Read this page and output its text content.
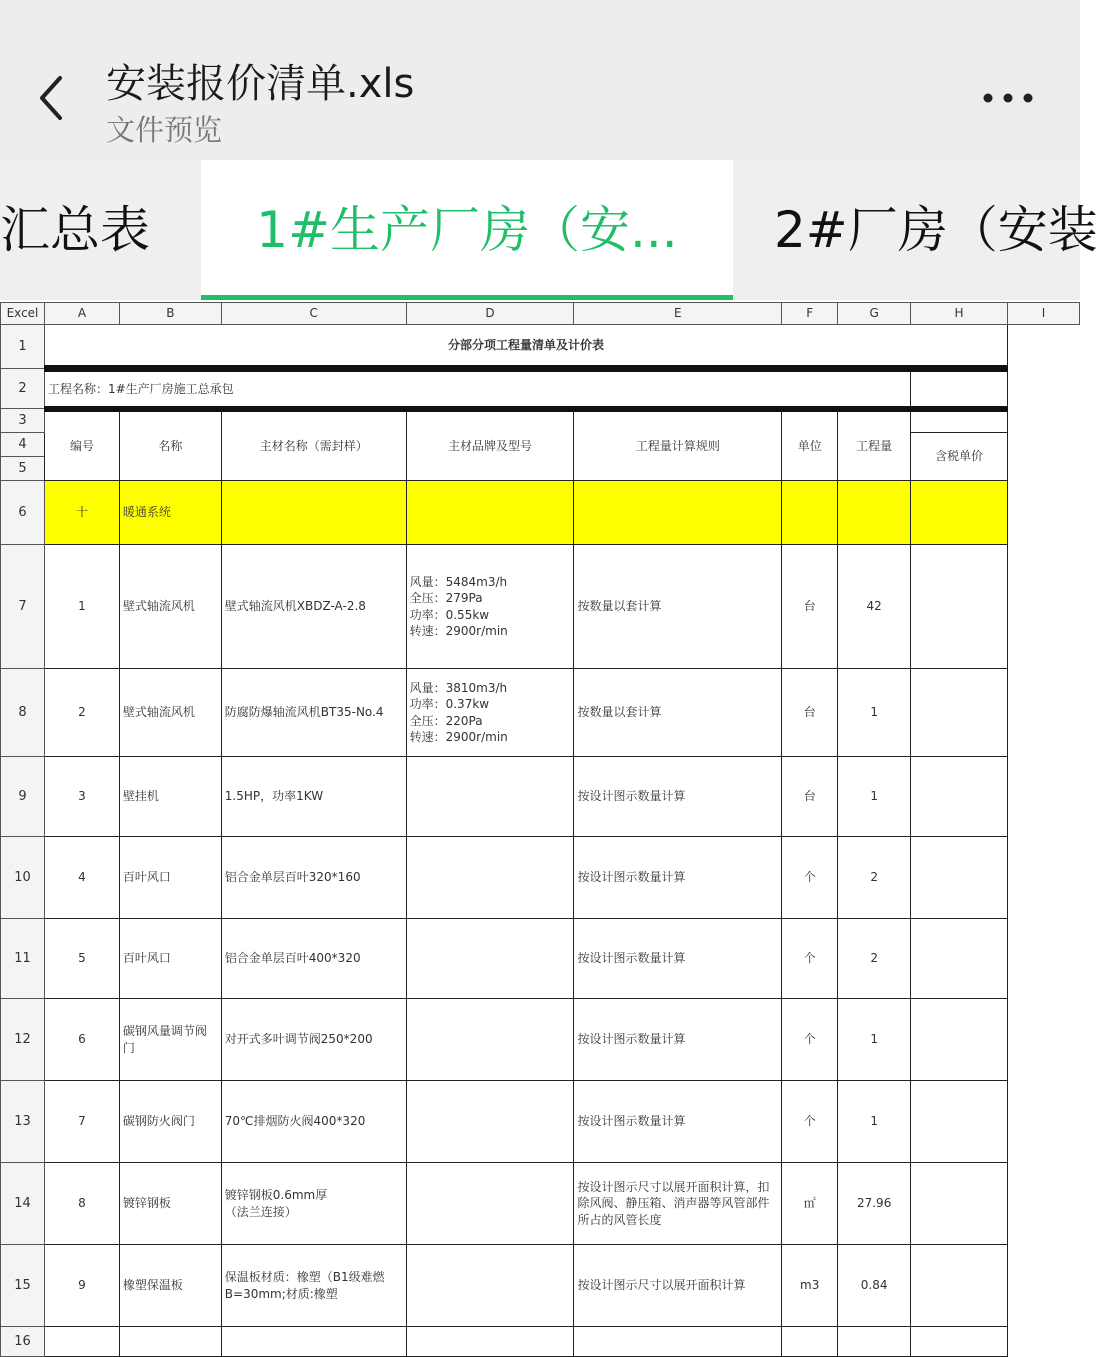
安装报价清单.xls
文件预览
汇总表	1#生产厂房（安...	2#厂房（安装
Excel	A	B	C	D	E	F	G	H	I
1	分部分项工程量清单及计价表								
2	工程名称：1#生产厂房施工总承包								
3	编号	名称	主材名称（需封样）	主材品牌及型号	工程量计算规则	单位	工程量		
4								含税单价	
5									
6	十	暖通系统							
7	1	壁式轴流风机	壁式轴流风机XBDZ-A-2.8	风量：5484m3/h
全压：279Pa
功率：0.55kw
转速：2900r/min	按数量以套计算	台	42		
8	2	壁式轴流风机	防腐防爆轴流风机BT35-No.4	风量：3810m3/h
功率：0.37kw
全压：220Pa
转速：2900r/min	按数量以套计算	台	1		
9	3	壁挂机	1.5HP，功率1KW		按设计图示数量计算	台	1		
10	4	百叶风口	铝合金单层百叶320*160		按设计图示数量计算	个	2		
11	5	百叶风口	铝合金单层百叶400*320		按设计图示数量计算	个	2		
12	6	碳钢风量调节阀门	对开式多叶调节阀250*200		按设计图示数量计算	个	1		
13	7	碳钢防火阀门	70℃排烟防火阀400*320		按设计图示数量计算	个	1		
14	8	镀锌钢板	镀锌钢板0.6mm厚
（法兰连接）		按设计图示尺寸以展开面积计算，扣除风阀、静压箱、消声器等风管部件所占的风管长度	㎡	27.96		
15	9	橡塑保温板	保温板材质：橡塑（B1级难燃
B=30mm;材质:橡塑		按设计图示尺寸以展开面积计算	m3	0.84		
16									
